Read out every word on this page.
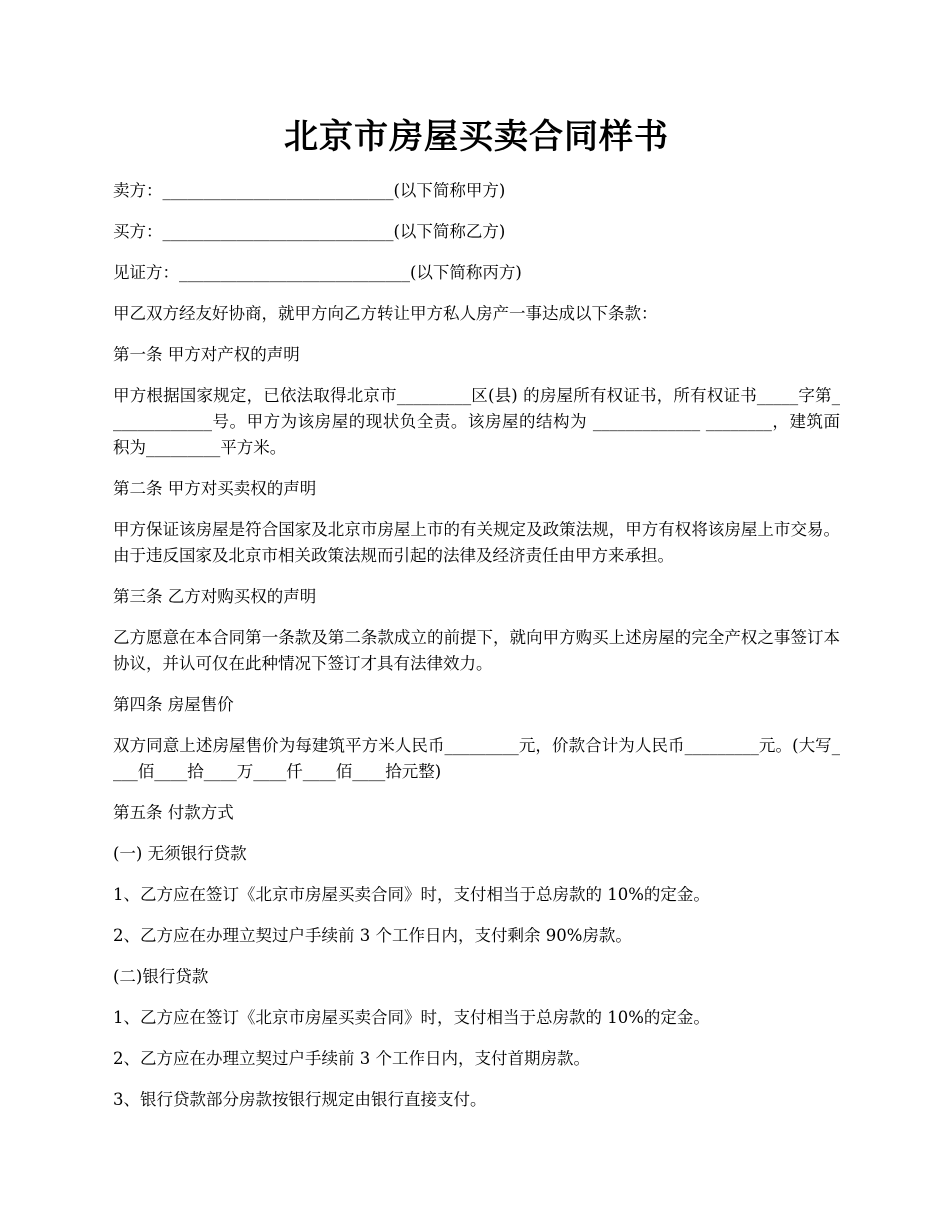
北京市房屋买卖合同样书
卖方：____________________________(以下简称甲方)
买方：____________________________(以下简称乙方)
见证方：____________________________(以下简称丙方)
甲乙双方经友好协商，就甲方向乙方转让甲方私人房产一事达成以下条款：
第一条 甲方对产权的声明
甲方根据国家规定，已依法取得北京市_________区(县) 的房屋所有权证书，所有权证书_____字第_____________号。甲方为该房屋的现状负全责。该房屋的结构为 _____________ ________，建筑面积为_________平方米。
第二条 甲方对买卖权的声明
甲方保证该房屋是符合国家及北京市房屋上市的有关规定及政策法规，甲方有权将该房屋上市交易。由于违反国家及北京市相关政策法规而引起的法律及经济责任由甲方来承担。
第三条 乙方对购买权的声明
乙方愿意在本合同第一条款及第二条款成立的前提下，就向甲方购买上述房屋的完全产权之事签订本协议，并认可仅在此种情况下签订才具有法律效力。
第四条 房屋售价
双方同意上述房屋售价为每建筑平方米人民币_________元，价款合计为人民币_________元。(大写____佰____拾____万____仟____佰____拾元整)
第五条 付款方式
(一) 无须银行贷款
1、乙方应在签订《北京市房屋买卖合同》时，支付相当于总房款的 10%的定金。
2、乙方应在办理立契过户手续前 3 个工作日内，支付剩余 90%房款。
(二)银行贷款
1、乙方应在签订《北京市房屋买卖合同》时，支付相当于总房款的 10%的定金。
2、乙方应在办理立契过户手续前 3 个工作日内，支付首期房款。
3、银行贷款部分房款按银行规定由银行直接支付。
